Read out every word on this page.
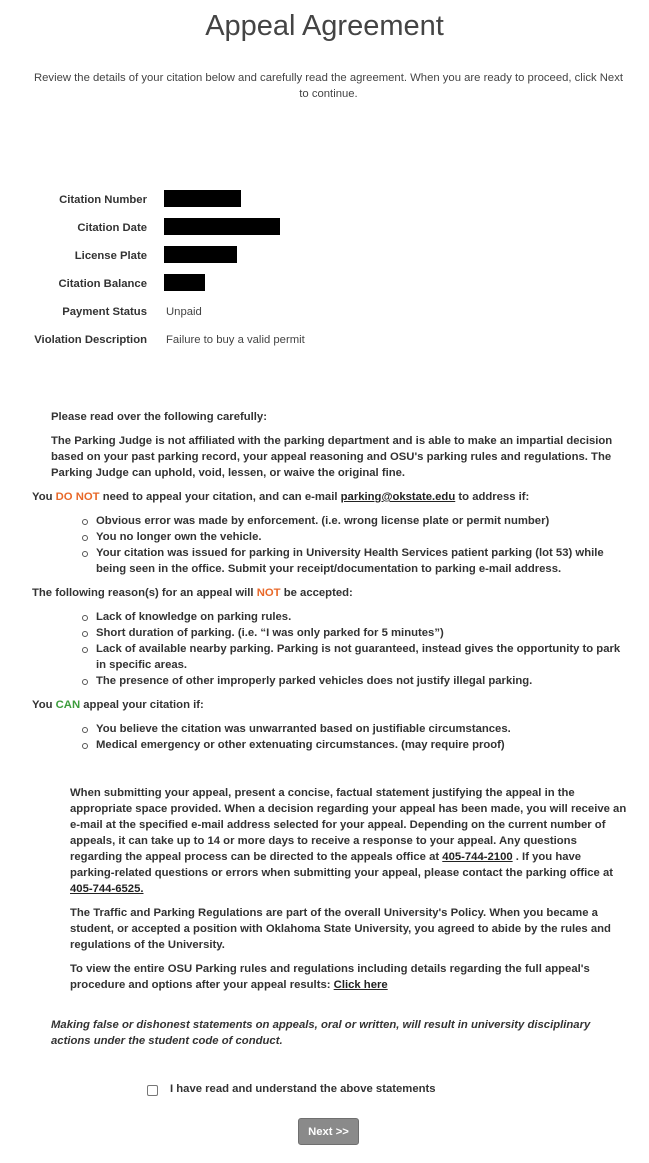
Appeal Agreement
Review the details of your citation below and carefully read the agreement. When you are ready to proceed, click Next to continue.
Citation Number
Citation Date
License Plate
Citation Balance
Payment Status Unpaid
Violation Description Failure to buy a valid permit
Please read over the following carefully:

The Parking Judge is not affiliated with the parking department and is able to make an impartial decision based on your past parking record, your appeal reasoning and OSU's parking rules and regulations. The Parking Judge can uphold, void, lessen, or waive the original fine.

You DO NOT need to appeal your citation, and can e-mail parking@okstate.edu to address if:
Obvious error was made by enforcement. (i.e. wrong license plate or permit number)
You no longer own the vehicle.
Your citation was issued for parking in University Health Services patient parking (lot 53) while being seen in the office. Submit your receipt/documentation to parking e-mail address.
The following reason(s) for an appeal will NOT be accepted:
Lack of knowledge on parking rules.
Short duration of parking. (i.e. “I was only parked for 5 minutes”)
Lack of available nearby parking. Parking is not guaranteed, instead gives the opportunity to park in specific areas.
The presence of other improperly parked vehicles does not justify illegal parking.
You CAN appeal your citation if:
You believe the citation was unwarranted based on justifiable circumstances.
Medical emergency or other extenuating circumstances. (may require proof)

When submitting your appeal, present a concise, factual statement justifying the appeal in the appropriate space provided. When a decision regarding your appeal has been made, you will receive an e-mail at the specified e-mail address selected for your appeal. Depending on the current number of appeals, it can take up to 14 or more days to receive a response to your appeal. Any questions regarding the appeal process can be directed to the appeals office at 405-744-2100 . If you have parking-related questions or errors when submitting your appeal, please contact the parking office at 405-744-6525.

The Traffic and Parking Regulations are part of the overall University's Policy. When you became a student, or accepted a position with Oklahoma State University, you agreed to abide by the rules and regulations of the University.

To view the entire OSU Parking rules and regulations including details regarding the full appeal's procedure and options after your appeal results: Click here

Making false or dishonest statements on appeals, oral or written, will result in university disciplinary actions under the student code of conduct.

I have read and understand the above statements
Next >>
